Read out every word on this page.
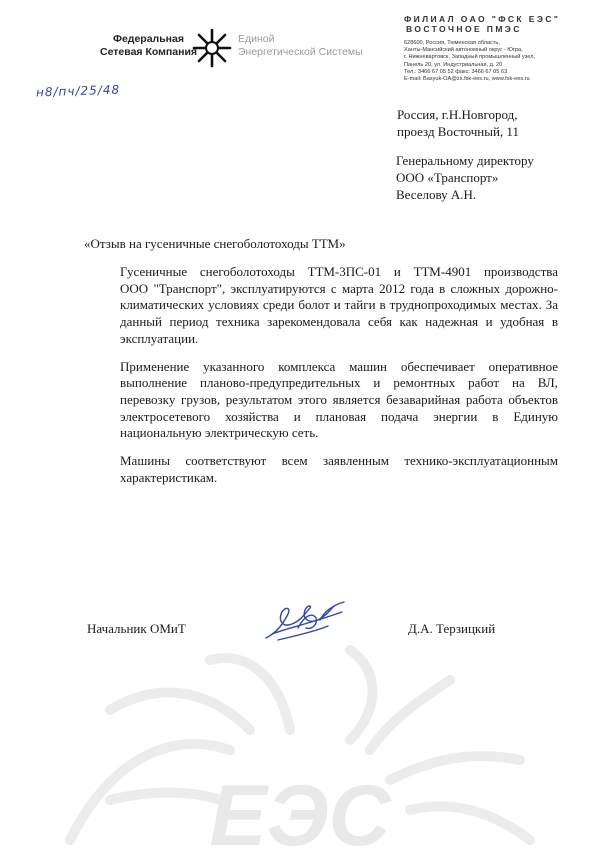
ЕЭС
Федеральная
Сетевая Компания
Единой
Энергетической Системы
ФИЛИАЛ ОАО "ФСК ЕЭС"
ВОСТОЧНОЕ ПМЭС
628600, Россия, Тюменская область,
Ханты-Мансийский автономный округ - Югра,
г. Нижневартовск, Западный промышленный узел,
Панель 20, ул. Индустриальная, д. 20
Тел.: 3466 67 05 52 факс: 3466 67 05 63
E-mail: Basyuk-OA@zs.fsk-ees.ru, www.fsk-ees.ru
н8/пч/25/48
Россия, г.Н.Новгород,
проезд Восточный, 11
Генеральному директору
ООО «Транспорт»
Веселову А.Н.
«Отзыв на гусеничные снегоболотоходы ТТМ»

Гусеничные снегоболотоходы ТТМ-3ПС-01 и ТТМ-4901 производства
ООО "Транспорт", эксплуатируются с марта 2012 года в сложных дорожно-
климатических условиях среди болот и тайги в труднопроходимых местах. За
данный период техника зарекомендовала себя как надежная и удобная в
эксплуатации.

Применение указанного комплекса машин обеспечивает оперативное
выполнение планово-предупредительных и ремонтных работ на ВЛ,
перевозку грузов, результатом этого является безаварийная работа объектов
электросетевого хозяйства и плановая подача энергии в Единую
национальную электрическую сеть.

Машины соответствуют всем заявленным технико-эксплуатационным
характеристикам.

Начальник ОМиТ	Д.А. Терзицкий
